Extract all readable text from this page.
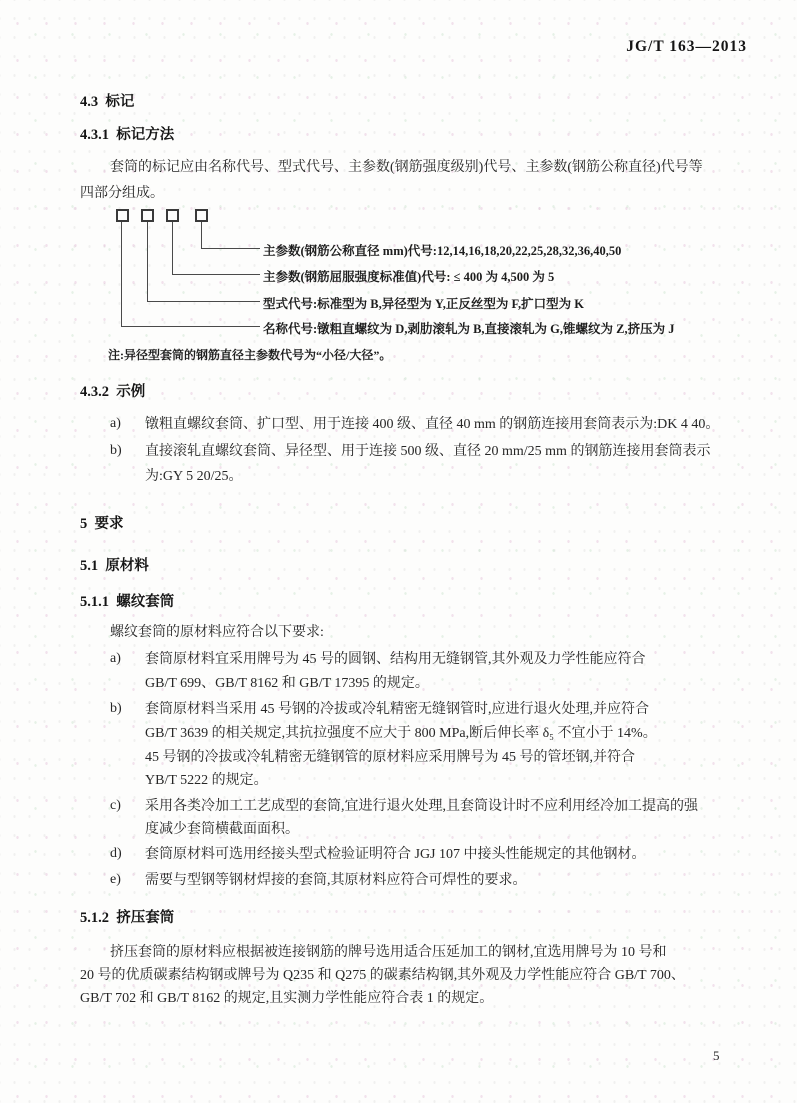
JG/T 163—2013
4.3  标记
4.3.1  标记方法
套筒的标记应由名称代号、型式代号、主参数(钢筋强度级别)代号、主参数(钢筋公称直径)代号等
四部分组成。
主参数(钢筋公称直径 mm)代号:12,14,16,18,20,22,25,28,32,36,40,50
主参数(钢筋屈服强度标准值)代号: ≤ 400 为 4,500 为 5
型式代号:标准型为 B,异径型为 Y,正反丝型为 F,扩口型为 K
名称代号:镦粗直螺纹为 D,剥肋滚轧为 B,直接滚轧为 G,锥螺纹为 Z,挤压为 J
注:异径型套筒的钢筋直径主参数代号为“小径/大径”。
4.3.2  示例
a) 镦粗直螺纹套筒、扩口型、用于连接 400 级、直径 40 mm 的钢筋连接用套筒表示为:DK 4 40。
b) 直接滚轧直螺纹套筒、异径型、用于连接 500 级、直径 20 mm/25 mm 的钢筋连接用套筒表示
为:GY 5 20/25。
5  要求
5.1  原材料
5.1.1  螺纹套筒
螺纹套筒的原材料应符合以下要求:
a) 套筒原材料宜采用牌号为 45 号的圆钢、结构用无缝钢管,其外观及力学性能应符合
GB/T 699、GB/T 8162 和 GB/T 17395 的规定。
b) 套筒原材料当采用 45 号钢的冷拔或冷轧精密无缝钢管时,应进行退火处理,并应符合
GB/T 3639 的相关规定,其抗拉强度不应大于 800 MPa,断后伸长率 δ₅ 不宜小于 14%。
45 号钢的冷拔或冷轧精密无缝钢管的原材料应采用牌号为 45 号的管坯钢,并符合
YB/T 5222 的规定。
c) 采用各类冷加工工艺成型的套筒,宜进行退火处理,且套筒设计时不应利用经冷加工提高的强
度减少套筒横截面面积。
d) 套筒原材料可选用经接头型式检验证明符合 JGJ 107 中接头性能规定的其他钢材。
e) 需要与型钢等钢材焊接的套筒,其原材料应符合可焊性的要求。
5.1.2  挤压套筒
挤压套筒的原材料应根据被连接钢筋的牌号选用适合压延加工的钢材,宜选用牌号为 10 号和
20 号的优质碳素结构钢或牌号为 Q235 和 Q275 的碳素结构钢,其外观及力学性能应符合 GB/T 700、
GB/T 702 和 GB/T 8162 的规定,且实测力学性能应符合表 1 的规定。
5
